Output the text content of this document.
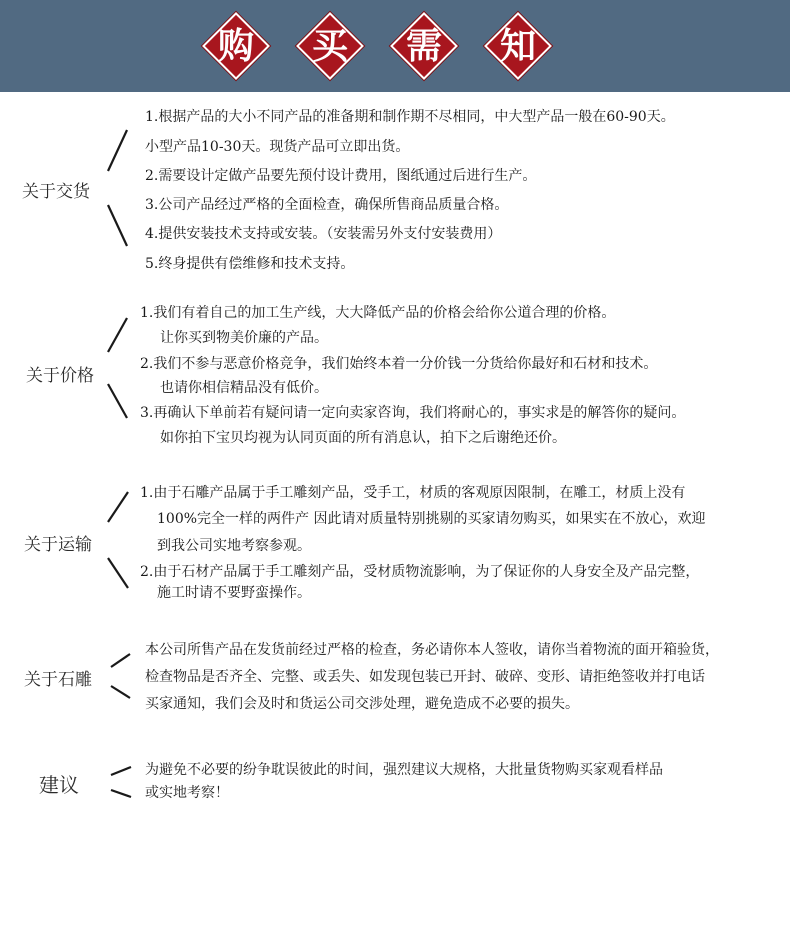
购	买	需	知
关于交货
1.根据产品的大小不同产品的准备期和制作期不尽相同，中大型产品一般在60-90天。
小型产品10-30天。现货产品可立即出货。
2.需要设计定做产品要先预付设计费用，图纸通过后进行生产。
3.公司产品经过严格的全面检查，确保所售商品质量合格。
4.提供安装技术支持或安装。（安装需另外支付安装费用）
5.终身提供有偿维修和技术支持。
关于价格
1.我们有着自己的加工生产线，大大降低产品的价格会给你公道合理的价格。
让你买到物美价廉的产品。
2.我们不参与恶意价格竞争，我们始终本着一分价钱一分货给你最好和石材和技术。
也请你相信精品没有低价。
3.再确认下单前若有疑问请一定向卖家咨询，我们将耐心的，事实求是的解答你的疑问。
如你拍下宝贝均视为认同页面的所有消息认，拍下之后谢绝还价。
关于运输
1.由于石雕产品属于手工雕刻产品，受手工，材质的客观原因限制，在雕工，材质上没有
100%完全一样的两件产 因此请对质量特别挑剔的买家请勿购买，如果实在不放心，欢迎
到我公司实地考察参观。
2.由于石材产品属于手工雕刻产品，受材质物流影响，为了保证你的人身安全及产品完整，
施工时请不要野蛮操作。
关于石雕
本公司所售产品在发货前经过严格的检查，务必请你本人签收，请你当着物流的面开箱验货，
检查物品是否齐全、完整、或丢失、如发现包装已开封、破碎、变形、请拒绝签收并打电话
买家通知，我们会及时和货运公司交涉处理，避免造成不必要的损失。
建议
为避免不必要的纷争耽误彼此的时间，强烈建议大规格，大批量货物购买家观看样品
或实地考察！
